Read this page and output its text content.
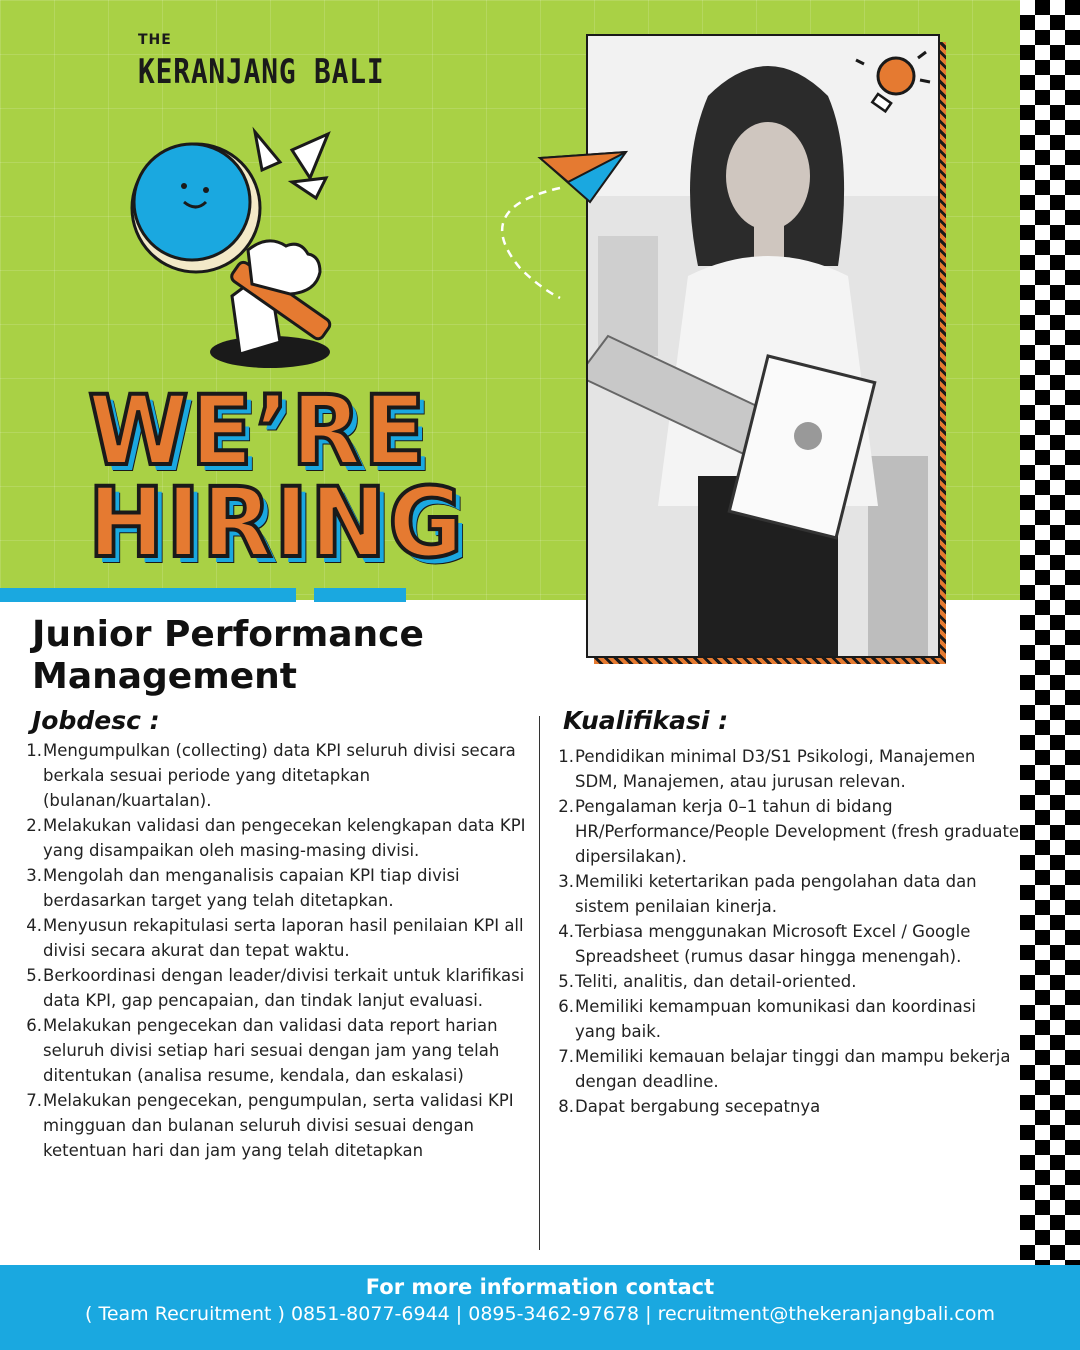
THE
KERANJANG BALI
WE’RE
HIRING
Junior Performance Management
Jobdesc :	Kualifikasi :
1. Mengumpulkan (collecting) data KPI seluruh divisi secara berkala sesuai periode yang ditetapkan (bulanan/kuartalan).
2. Melakukan validasi dan pengecekan kelengkapan data KPI yang disampaikan oleh masing-masing divisi.
3. Mengolah dan menganalisis capaian KPI tiap divisi berdasarkan target yang telah ditetapkan.
4. Menyusun rekapitulasi serta laporan hasil penilaian KPI all divisi secara akurat dan tepat waktu.
5. Berkoordinasi dengan leader/divisi terkait untuk klarifikasi data KPI, gap pencapaian, dan tindak lanjut evaluasi.
6. Melakukan pengecekan dan validasi data report harian seluruh divisi setiap hari sesuai dengan jam yang telah ditentukan (analisa resume, kendala, dan eskalasi)
7. Melakukan pengecekan, pengumpulan, serta validasi KPI mingguan dan bulanan seluruh divisi sesuai dengan ketentuan hari dan jam yang telah ditetapkan
1. Pendidikan minimal D3/S1 Psikologi, Manajemen SDM, Manajemen, atau jurusan relevan.
2. Pengalaman kerja 0–1 tahun di bidang HR/Performance/People Development (fresh graduate dipersilakan).
3. Memiliki ketertarikan pada pengolahan data dan sistem penilaian kinerja.
4. Terbiasa menggunakan Microsoft Excel / Google Spreadsheet (rumus dasar hingga menengah).
5. Teliti, analitis, dan detail-oriented.
6. Memiliki kemampuan komunikasi dan koordinasi yang baik.
7. Memiliki kemauan belajar tinggi dan mampu bekerja dengan deadline.
8. Dapat bergabung secepatnya
For more information contact
( Team Recruitment ) 0851-8077-6944 | 0895-3462-97678 | recruitment@thekeranjangbali.com
